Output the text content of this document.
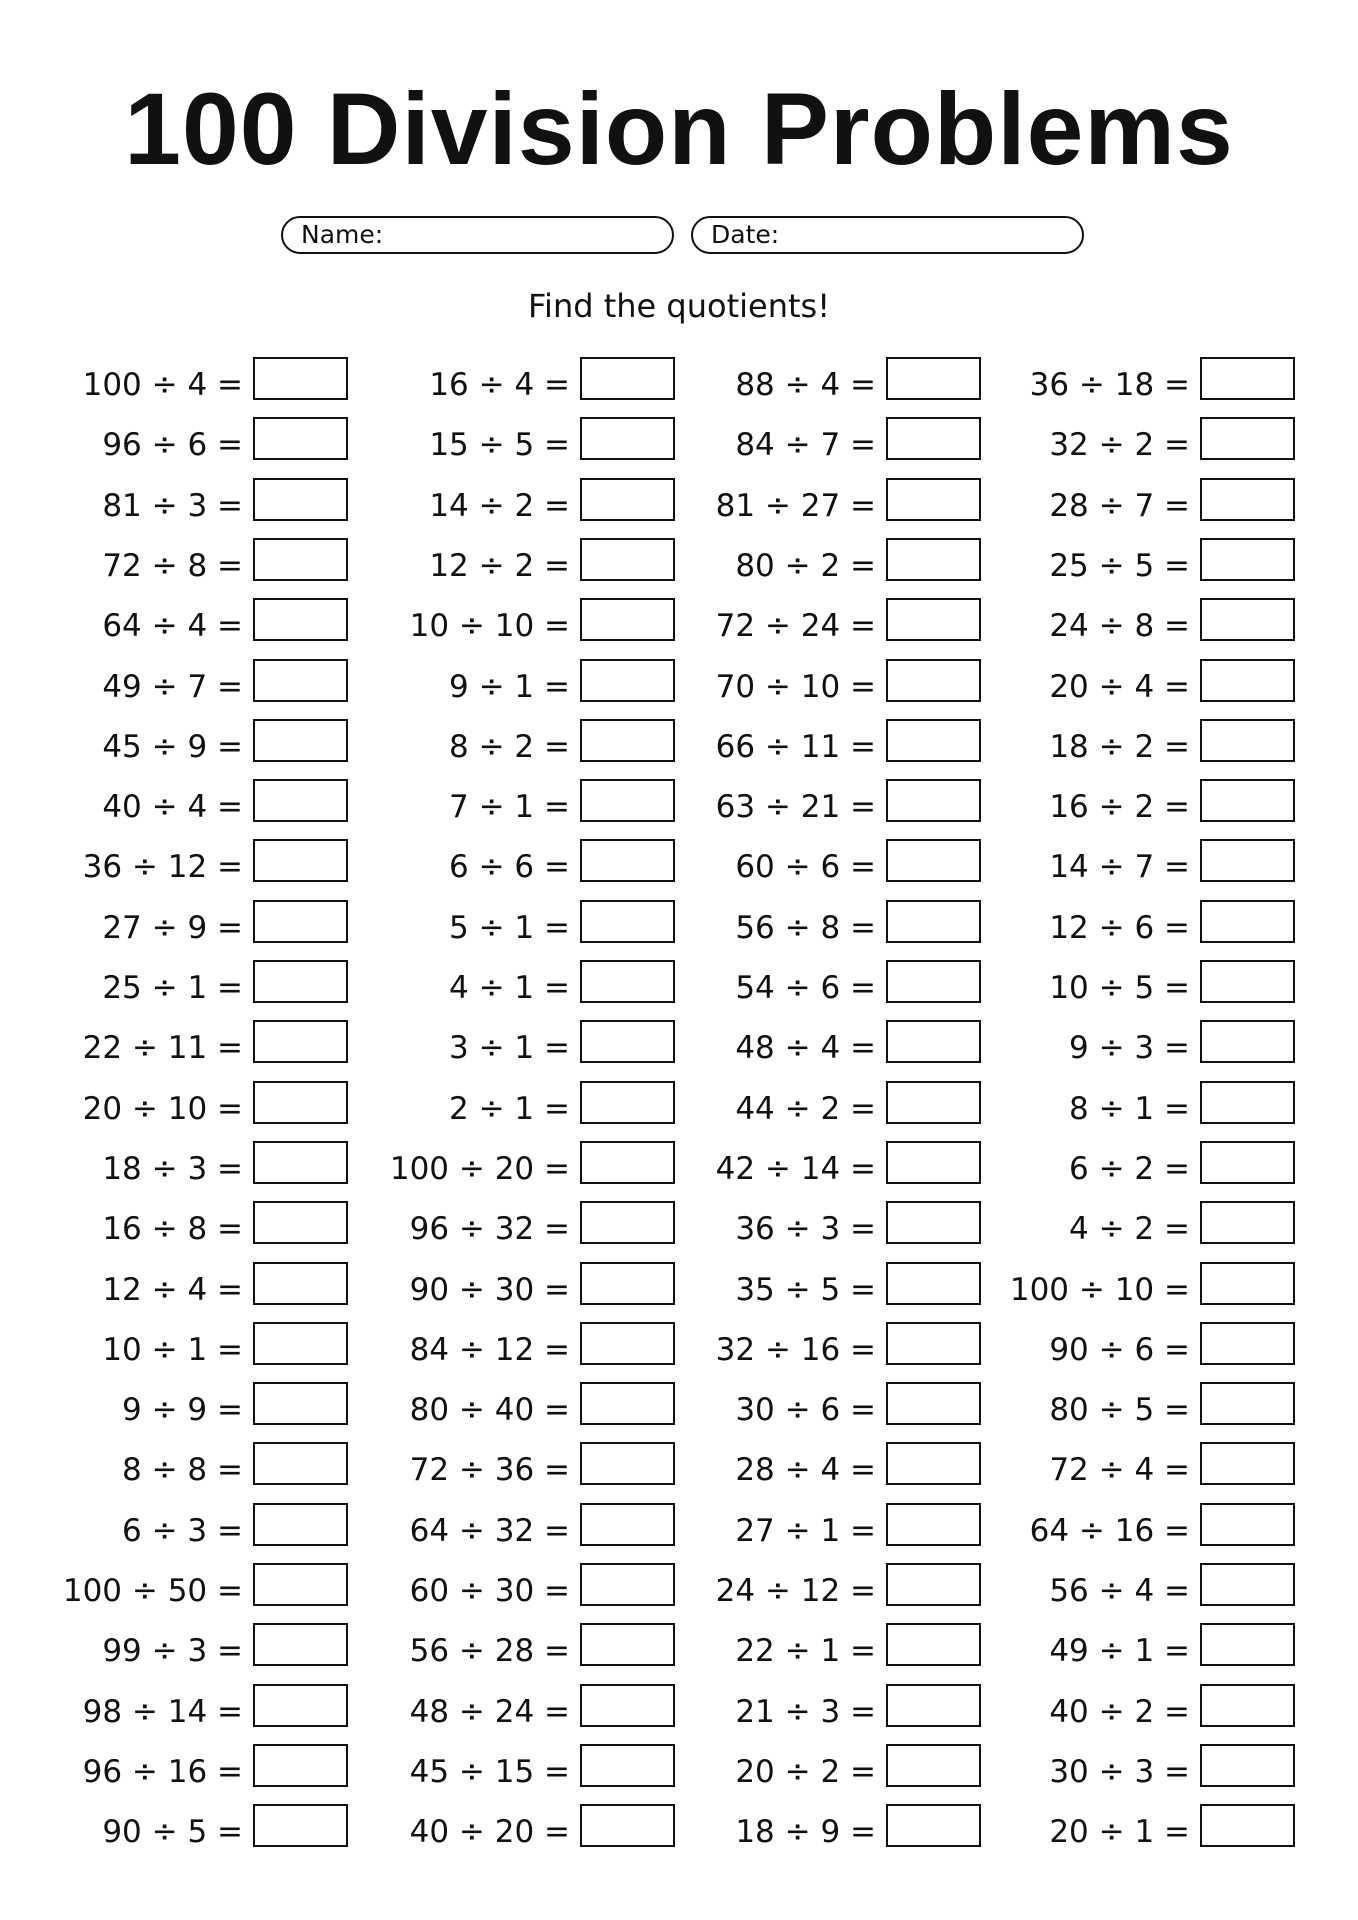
100 Division Problems
Name:	Date:
Find the quotients!
100 ÷ 4 =
96 ÷ 6 =
81 ÷ 3 =
72 ÷ 8 =
64 ÷ 4 =
49 ÷ 7 =
45 ÷ 9 =
40 ÷ 4 =
36 ÷ 12 =
27 ÷ 9 =
25 ÷ 1 =
22 ÷ 11 =
20 ÷ 10 =
18 ÷ 3 =
16 ÷ 8 =
12 ÷ 4 =
10 ÷ 1 =
9 ÷ 9 =
8 ÷ 8 =
6 ÷ 3 =
100 ÷ 50 =
99 ÷ 3 =
98 ÷ 14 =
96 ÷ 16 =
90 ÷ 5 =
16 ÷ 4 =
15 ÷ 5 =
14 ÷ 2 =
12 ÷ 2 =
10 ÷ 10 =
9 ÷ 1 =
8 ÷ 2 =
7 ÷ 1 =
6 ÷ 6 =
5 ÷ 1 =
4 ÷ 1 =
3 ÷ 1 =
2 ÷ 1 =
100 ÷ 20 =
96 ÷ 32 =
90 ÷ 30 =
84 ÷ 12 =
80 ÷ 40 =
72 ÷ 36 =
64 ÷ 32 =
60 ÷ 30 =
56 ÷ 28 =
48 ÷ 24 =
45 ÷ 15 =
40 ÷ 20 =
88 ÷ 4 =
84 ÷ 7 =
81 ÷ 27 =
80 ÷ 2 =
72 ÷ 24 =
70 ÷ 10 =
66 ÷ 11 =
63 ÷ 21 =
60 ÷ 6 =
56 ÷ 8 =
54 ÷ 6 =
48 ÷ 4 =
44 ÷ 2 =
42 ÷ 14 =
36 ÷ 3 =
35 ÷ 5 =
32 ÷ 16 =
30 ÷ 6 =
28 ÷ 4 =
27 ÷ 1 =
24 ÷ 12 =
22 ÷ 1 =
21 ÷ 3 =
20 ÷ 2 =
18 ÷ 9 =
36 ÷ 18 =
32 ÷ 2 =
28 ÷ 7 =
25 ÷ 5 =
24 ÷ 8 =
20 ÷ 4 =
18 ÷ 2 =
16 ÷ 2 =
14 ÷ 7 =
12 ÷ 6 =
10 ÷ 5 =
9 ÷ 3 =
8 ÷ 1 =
6 ÷ 2 =
4 ÷ 2 =
100 ÷ 10 =
90 ÷ 6 =
80 ÷ 5 =
72 ÷ 4 =
64 ÷ 16 =
56 ÷ 4 =
49 ÷ 1 =
40 ÷ 2 =
30 ÷ 3 =
20 ÷ 1 =
